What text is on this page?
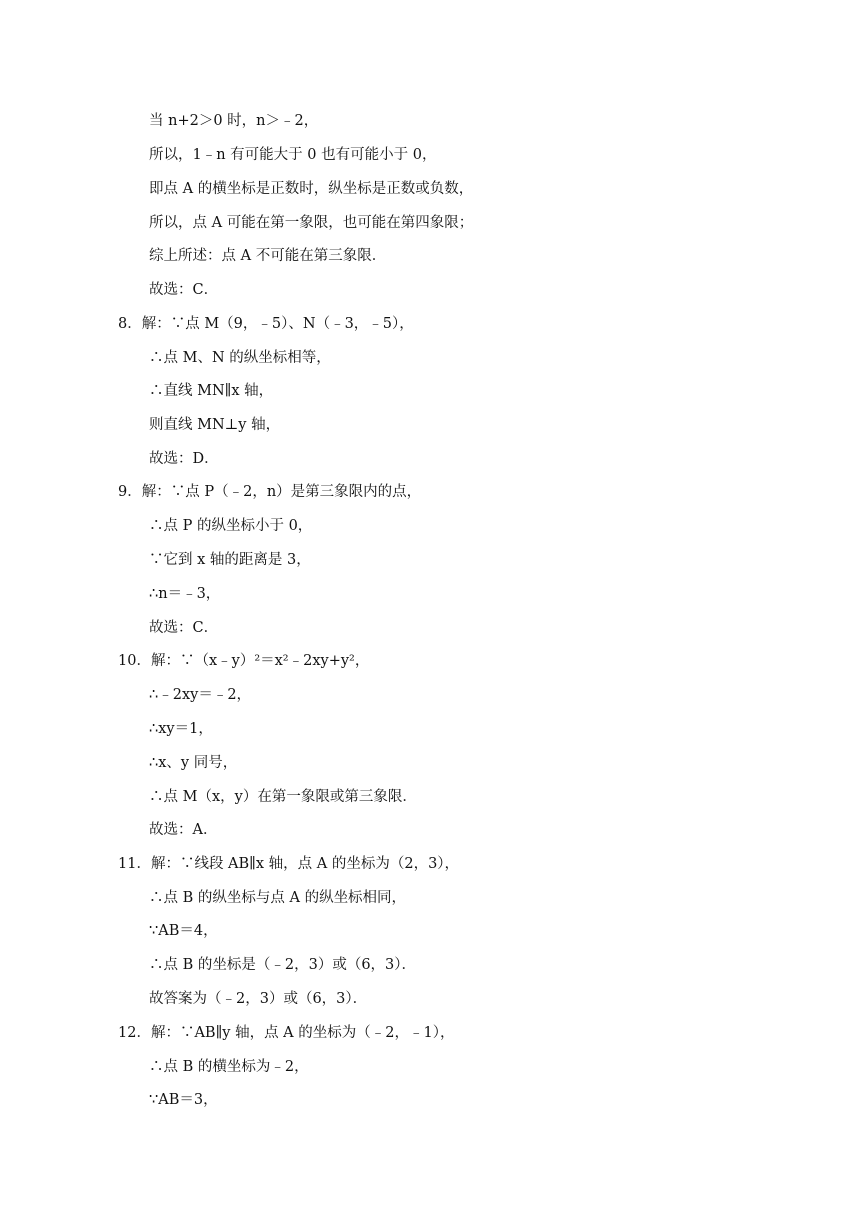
当 n+2＞0 时，n＞﹣2，
所以，1﹣n 有可能大于 0 也有可能小于 0，
即点 A 的横坐标是正数时，纵坐标是正数或负数，
所以，点 A 可能在第一象限，也可能在第四象限；
综上所述：点 A 不可能在第三象限．
故选：C．
8．解：∵点 M（9，﹣5）、N（﹣3，﹣5），
∴点 M、N 的纵坐标相等，
∴直线 MN∥x 轴，
则直线 MN⊥y 轴，
故选：D．
9．解：∵点 P（﹣2，n）是第三象限内的点，
∴点 P 的纵坐标小于 0，
∵它到 x 轴的距离是 3，
∴n＝﹣3，
故选：C．
10．解：∵（x﹣y）²＝x²﹣2xy+y²，
∴﹣2xy＝﹣2，
∴xy＝1，
∴x、y 同号，
∴点 M（x，y）在第一象限或第三象限．
故选：A．
11．解：∵线段 AB∥x 轴，点 A 的坐标为（2，3），
∴点 B 的纵坐标与点 A 的纵坐标相同，
∵AB＝4，
∴点 B 的坐标是（﹣2，3）或（6，3）．
故答案为（﹣2，3）或（6，3）．
12．解：∵AB∥y 轴，点 A 的坐标为（﹣2，﹣1），
∴点 B 的横坐标为﹣2，
∵AB＝3，
